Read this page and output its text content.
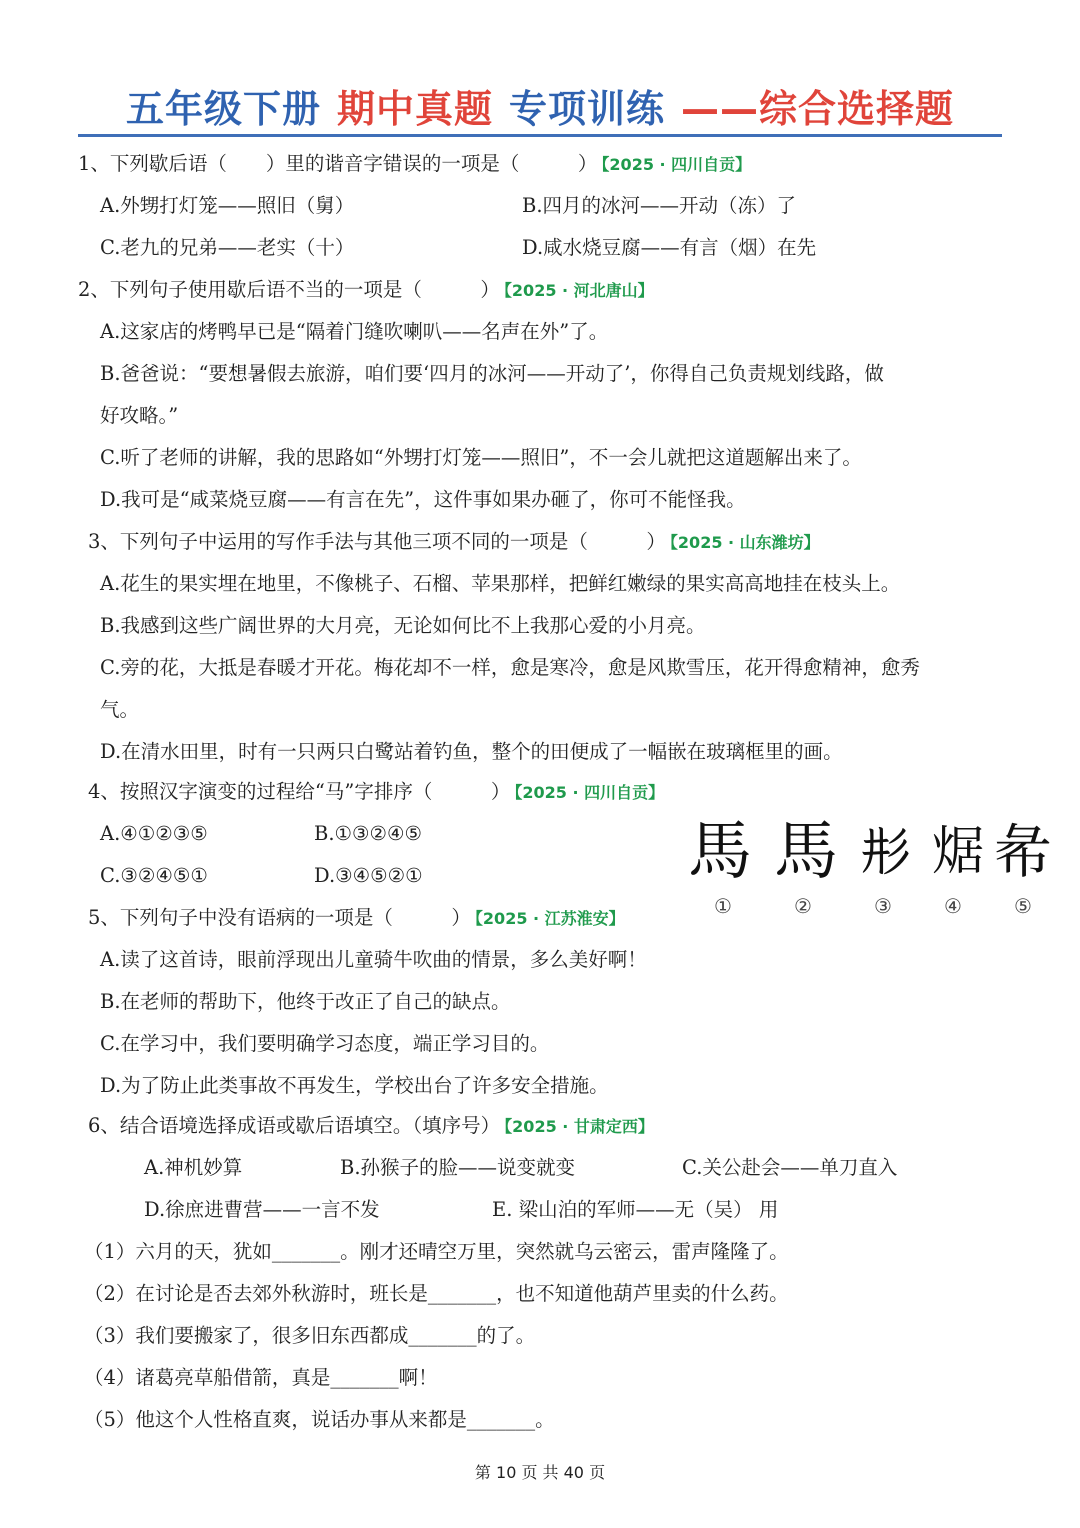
五年级下册 期中真题 专项训练 ——综合选择题
1、下列歇后语（　　）里的谐音字错误的一项是（　　　） 【2025 · 四川自贡】
A.外甥打灯笼——照旧（舅）	B.四月的冰河——开动（冻）了
C.老九的兄弟——老实（十）	D.咸水烧豆腐——有言（烟）在先
2、下列句子使用歇后语不当的一项是（　　　） 【2025 · 河北唐山】
A.这家店的烤鸭早已是“隔着门缝吹喇叭——名声在外”了。
B.爸爸说：“要想暑假去旅游，咱们要‘四月的冰河——开动了’，你得自己负责规划线路，做
好攻略。”
C.听了老师的讲解，我的思路如“外甥打灯笼——照旧”，不一会儿就把这道题解出来了。
D.我可是“咸菜烧豆腐——有言在先”，这件事如果办砸了，你可不能怪我。
3、下列句子中运用的写作手法与其他三项不同的一项是（　　　） 【2025 · 山东潍坊】
A.花生的果实埋在地里，不像桃子、石榴、苹果那样，把鲜红嫩绿的果实高高地挂在枝头上。
B.我感到这些广阔世界的大月亮，无论如何比不上我那心爱的小月亮。
C.旁的花，大抵是春暖才开花。梅花却不一样，愈是寒冷，愈是风欺雪压，花开得愈精神，愈秀
气。
D.在清水田里，时有一只两只白鹭站着钓鱼，整个的田便成了一幅嵌在玻璃框里的画。
4、按照汉字演变的过程给“马”字排序（　　　） 【2025 · 四川自贡】
A.④①②③⑤	B.①③②④⑤
C.③②④⑤①	D.③④⑤②①	馬 馬 𢒈 𤉸 㣇
①	②	③	④	⑤
5、下列句子中没有语病的一项是（　　　） 【2025 · 江苏淮安】
A.读了这首诗，眼前浮现出儿童骑牛吹曲的情景，多么美好啊！
B.在老师的帮助下，他终于改正了自己的缺点。
C.在学习中，我们要明确学习态度，端正学习目的。
D.为了防止此类事故不再发生，学校出台了许多安全措施。
6、结合语境选择成语或歇后语填空。（填序号） 【2025 · 甘肃定西】
A.神机妙算	B.孙猴子的脸——说变就变	C.关公赴会——单刀直入
D.徐庶进曹营——一言不发	E. 梁山泊的军师——无（吴） 用
（1）六月的天，犹如_______。刚才还晴空万里，突然就乌云密云，雷声隆隆了。
（2）在讨论是否去郊外秋游时，班长是_______，也不知道他葫芦里卖的什么药。
（3）我们要搬家了，很多旧东西都成_______的了。
（4）诸葛亮草船借箭，真是_______啊！
（5）他这个人性格直爽，说话办事从来都是_______。
第 10 页 共 40 页
